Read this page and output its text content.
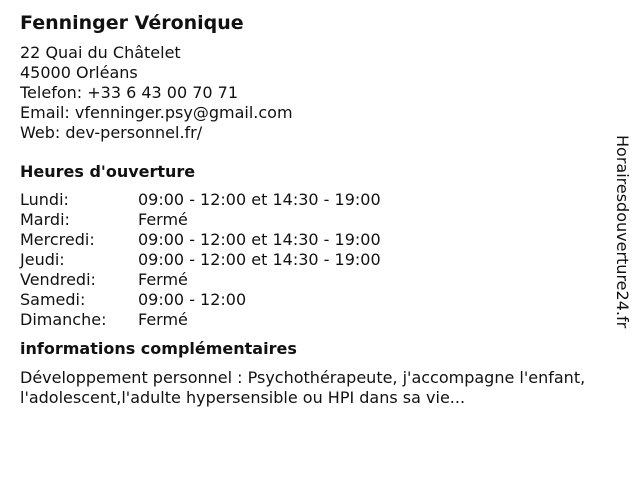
Fenninger Véronique
22 Quai du Châtelet
45000 Orléans
Telefon: +33 6 43 00 70 71
Email: vfenninger.psy@gmail.com
Web: dev-personnel.fr/
Heures d'ouverture
Lundi:	09:00 - 12:00 et 14:30 - 19:00
Mardi:	Fermé
Mercredi:	09:00 - 12:00 et 14:30 - 19:00
Jeudi:	09:00 - 12:00 et 14:30 - 19:00
Vendredi:	Fermé
Samedi:	09:00 - 12:00
Dimanche:	Fermé
informations complémentaires
Développement personnel : Psychothérapeute, j'accompagne l'enfant,l'adolescent,l'adulte hypersensible ou HPI dans sa vie...
Horairesdouverture24.fr
